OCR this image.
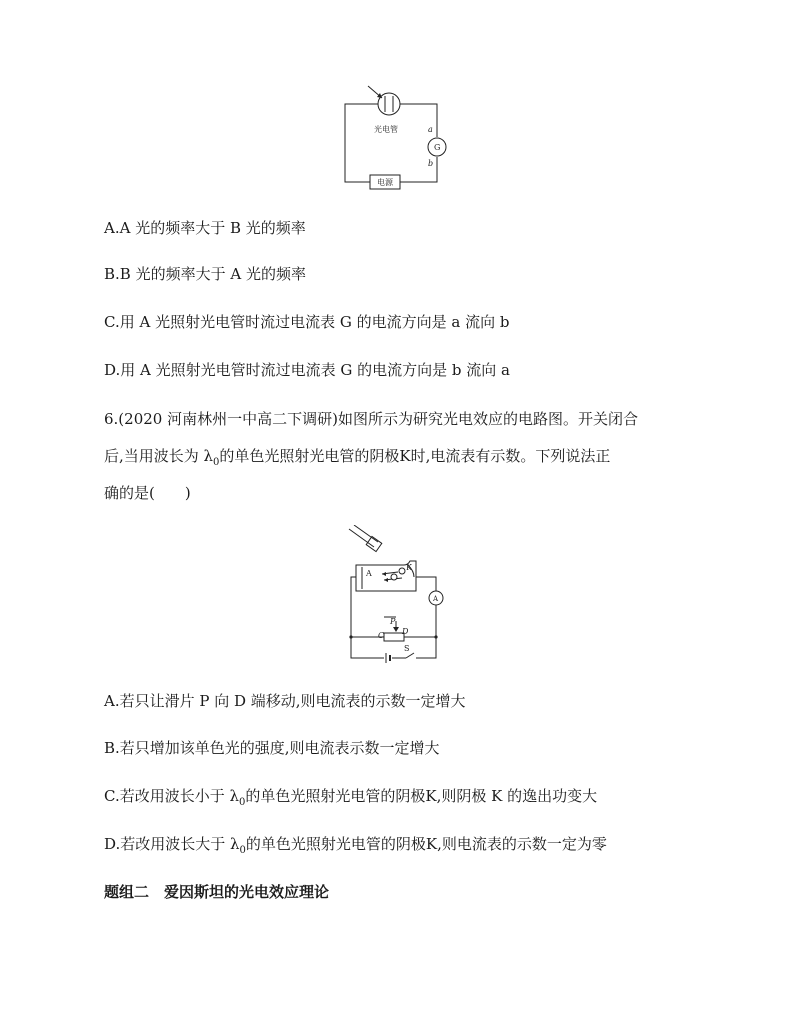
光电管
G
a
b
电源
A.A 光的频率大于 B 光的频率
B.B 光的频率大于 A 光的频率
C.用 A 光照射光电管时流过电流表 G 的电流方向是 a 流向 b
D.用 A 光照射光电管时流过电流表 G 的电流方向是 b 流向 a
6.(2020 河南林州一中高二下调研)如图所示为研究光电效应的电路图。开关闭合
后,当用波长为 $\lambda_0$的单色光照射光电管的阴极K时,电流表有示数。下列说法正
确的是(　　)
A
K
A
P
C D
S
A.若只让滑片 P 向 D 端移动,则电流表的示数一定增大
B.若只增加该单色光的强度,则电流表示数一定增大
C.若改用波长小于 $\lambda_0$的单色光照射光电管的阴极K,则阴极 K 的逸出功变大
D.若改用波长大于 $\lambda_0$的单色光照射光电管的阴极K,则电流表的示数一定为零
题组二　爱因斯坦的光电效应理论
